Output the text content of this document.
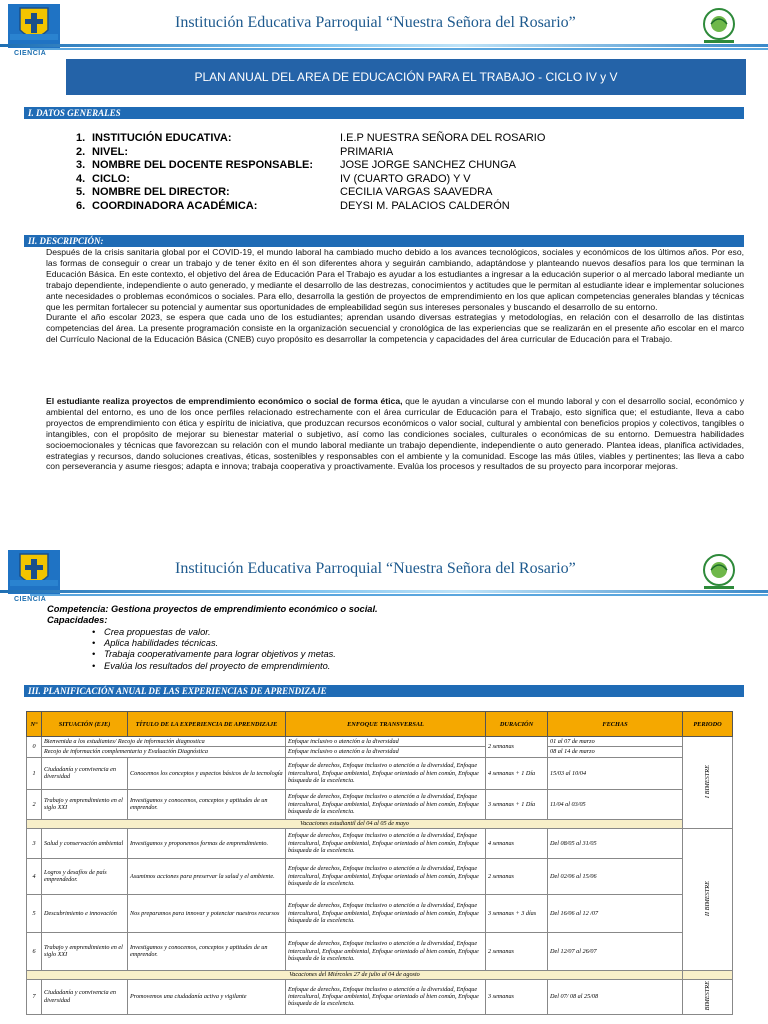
CIENCIA
Institución Educativa Parroquial “Nuestra Señora del Rosario”
PLAN ANUAL DEL AREA DE EDUCACIÓN PARA EL TRABAJO - CICLO IV y V
I. DATOS GENERALES
1. INSTITUCIÓN EDUCATIVA:	I.E.P NUESTRA SEÑORA DEL ROSARIO
2. NIVEL:	PRIMARIA
3. NOMBRE DEL DOCENTE RESPONSABLE:	JOSE JORGE SANCHEZ CHUNGA
4. CICLO:	IV (CUARTO GRADO) Y V
5. NOMBRE DEL DIRECTOR:	CECILIA VARGAS SAAVEDRA
6. COORDINADORA ACADÉMICA:	DEYSI M. PALACIOS CALDERÓN
II. DESCRIPCIÓN:
Después de la crisis sanitaria global por el COVID-19, el mundo laboral ha cambiado mucho debido a los avances tecnológicos, sociales y económicos de los últimos años. Por eso, las formas de conseguir o crear un trabajo y de tener éxito en él son diferentes ahora y seguirán cambiando, adaptándose y planteando nuevos desafíos para los que terminan la Educación Básica. En este contexto, el objetivo del área de Educación Para el Trabajo es ayudar a los estudiantes a ingresar a la educación superior o al mercado laboral mediante un trabajo dependiente, independiente o auto generado, y mediante el desarrollo de las destrezas, conocimientos y actitudes que le permitan al estudiante idear e implementar soluciones ante necesidades o problemas económicos o sociales. Para ello, desarrolla la gestión de proyectos de emprendimiento en los que aplican competencias generales blandas y técnicas que les permitan fortalecer su potencial y aumentar sus oportunidades de empleabilidad según sus intereses personales y buscando el desarrollo de su entorno.
Durante el año escolar 2023, se espera que cada uno de los estudiantes; aprendan usando diversas estrategias y metodologías, en relación con el desarrollo de las distintas competencias del área. La presente programación consiste en la organización secuencial y cronológica de las experiencias que se realizarán en el presente año escolar en el marco del Currículo Nacional de la Educación Básica (CNEB) cuyo propósito es desarrollar la competencia y capacidades del área curricular de Educación para el Trabajo.
El estudiante realiza proyectos de emprendimiento económico o social de forma ética, que le ayudan a vincularse con el mundo laboral y con el desarrollo social, económico y ambiental del entorno, es uno de los once perfiles relacionado estrechamente con el área curricular de Educación para el Trabajo, esto significa que; el estudiante, lleva a cabo proyectos de emprendimiento con ética y espíritu de iniciativa, que produzcan recursos económicos o valor social, cultural y ambiental con beneficios propios y colectivos, tangibles o intangibles, con el propósito de mejorar su bienestar material o subjetivo, así como las condiciones sociales, culturales o económicas de su entorno. Demuestra habilidades socioemocionales y técnicas que favorezcan su relación con el mundo laboral mediante un trabajo dependiente, independiente o auto generado. Plantea ideas, planifica actividades, estrategias y recursos, dando soluciones creativas, éticas, sostenibles y responsables con el ambiente y la comunidad. Escoge las más útiles, viables y pertinentes; las lleva a cabo con perseverancia y asume riesgos; adapta e innova; trabaja cooperativa y proactivamente. Evalúa los procesos y resultados de su proyecto para incorporar mejoras.
CIENCIA
Institución Educativa Parroquial “Nuestra Señora del Rosario”
Competencia: Gestiona proyectos de emprendimiento económico o social.
Capacidades:
• Crea propuestas de valor.
• Aplica habilidades técnicas.
• Trabaja cooperativamente para lograr objetivos y metas.
• Evalúa los resultados del proyecto de emprendimiento.
III. PLANIFICACIÓN ANUAL DE LAS EXPERIENCIAS DE APRENDIZAJE
N°	SITUACIÓN (EJE)	TÍTULO DE LA EXPERIENCIA DE APRENDIZAJE	ENFOQUE TRANSVERSAL	DURACIÓN	FECHAS	PERIODO
0	Bienvenida a los estudiantes/ Recojo de información diagnostica		Enfoque inclusivo o atención a la diversidad	2 semanas	01 al 07 de marzo	I BIMESTRE
	Recojo de información complementaria y Evaluación Diagnóstica		Enfoque inclusivo o atención a la diversidad		08 al 14 de marzo	
1	Ciudadanía y convivencia en diversidad	Conocemos los conceptos y aspectos básicos de la tecnología	Enfoque de derechos, Enfoque inclusivo o atención a la diversidad, Enfoque intercultural, Enfoque ambiental, Enfoque orientado al bien común, Enfoque búsqueda de la excelencia.	4 semanas + 1 Día	15/03 al 10/04	
2	Trabajo y emprendimiento en el siglo XXI	Investigamos y conocemos, conceptos y aptitudes de un emprendor.	Enfoque de derechos, Enfoque inclusivo o atención a la diversidad, Enfoque intercultural, Enfoque ambiental, Enfoque orientado al bien común, Enfoque búsqueda de la excelencia.	3 semanas + 1 Día	11/04 al 03/05	
Vacaciones estudiantil del 04 al 05 de mayo						
3	Salud y conservación ambiental	Investigamos y proponemos formas de emprendimiento.	Enfoque de derechos, Enfoque inclusivo o atención a la diversidad, Enfoque intercultural, Enfoque ambiental, Enfoque orientado al bien común, Enfoque búsqueda de la excelencia.	4 semanas	Del 08/05 al 31/05	II BIMESTRE
4	Logros y desafíos de país emprendedor.	Asumimos acciones para preservar la salud y el ambiente.	Enfoque de derechos, Enfoque inclusivo o atención a la diversidad, Enfoque intercultural, Enfoque ambiental, Enfoque orientado al bien común, Enfoque búsqueda de la excelencia.	2 semanas	Del 02/06 al 15/06	
5	Descubrimiento e innovación	Nos preparamos para innovar y potenciar nuestros recursos	Enfoque de derechos, Enfoque inclusivo o atención a la diversidad, Enfoque intercultural, Enfoque ambiental, Enfoque orientado al bien común, Enfoque búsqueda de la excelencia.	3 semanas + 3 días	Del 16/06 al 12 /07	
6	Trabajo y emprendimiento en el siglo XXI	Investigamos y conocemos, conceptos y aptitudes de un emprendor.	Enfoque de derechos, Enfoque inclusivo o atención a la diversidad, Enfoque intercultural, Enfoque ambiental, Enfoque orientado al bien común, Enfoque búsqueda de la excelencia.	2 semanas	Del 12/07 al 26/07	
Vacaciones del Miércoles 27 de julio al 04 de agosto						
7	Ciudadanía y convivencia en diversidad	Promovemos una ciudadanía activa y vigilante	Enfoque de derechos, Enfoque inclusivo o atención a la diversidad, Enfoque intercultural, Enfoque ambiental, Enfoque orientado al bien común, Enfoque búsqueda de la excelencia.	3 semanas	Del 07/ 08 al 25/08	BIMESTRE
